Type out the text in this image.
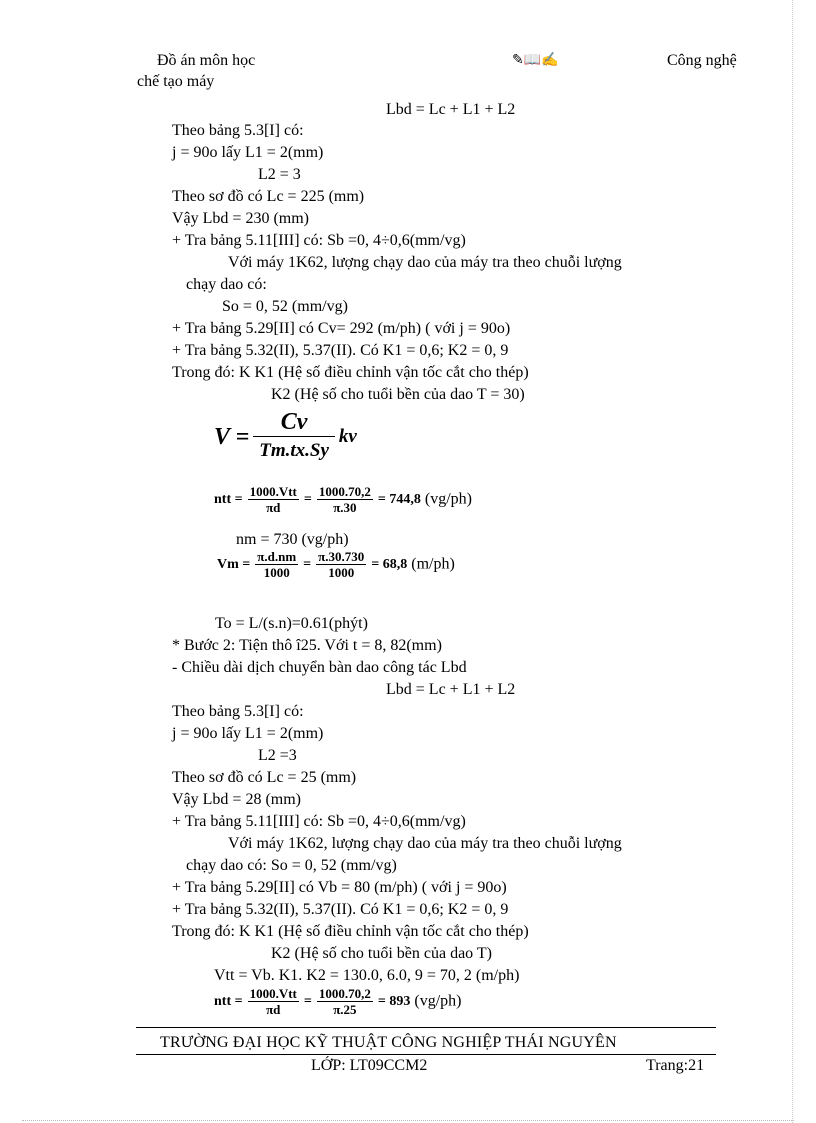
Đồ án môn học	✎📖✍	Công nghệ
chế tạo máy
Lbd = Lc + L1 + L2
Theo bảng 5.3[I] có:
j = 90o lấy L1 = 2(mm)
L2 = 3
Theo sơ đồ có Lc = 225 (mm)
Vậy Lbd = 230 (mm)
+ Tra bảng 5.11[III] có: Sb =0, 4÷0,6(mm/vg)
Với máy 1K62, lượng chạy dao của máy tra theo chuỗi lượng
chạy dao có:
So = 0, 52 (mm/vg)
+ Tra bảng 5.29[II] có Cv= 292 (m/ph) ( với j = 90o)
+ Tra bảng 5.32(II), 5.37(II). Có K1 = 0,6; K2 = 0, 9
Trong đó: K K1 (Hệ số điều chỉnh vận tốc cắt cho thép)
K2 (Hệ số cho tuổi bền của dao T = 30)
V =
Cv
Tm.tx.Sy
kv
ntt = $\frac{\text{1000.Vtt}}{\pi d} = \frac{1000.70,2}{\pi.30} = 744,8$ (vg/ph)
nm = 730 (vg/ph)
$Vm = \frac{\pi.d.nm}{1000} = \frac{\pi.30.730}{1000} = 68,8$ (m/ph)
To = L/(s.n)=0.61(phýt)
* Bước 2: Tiện thô î25. Với t = 8, 82(mm)
- Chiều dài dịch chuyển bàn dao công tác Lbd
Lbd = Lc + L1 + L2
Theo bảng 5.3[I] có:
j = 90o lấy L1 = 2(mm)
L2 =3
Theo sơ đồ có Lc = 25 (mm)
Vậy Lbd = 28 (mm)
+ Tra bảng 5.11[III] có: Sb =0, 4÷0,6(mm/vg)
Với máy 1K62, lượng chạy dao của máy tra theo chuỗi lượng
chạy dao có: So = 0, 52 (mm/vg)
+ Tra bảng 5.29[II] có Vb = 80 (m/ph) ( với j = 90o)
+ Tra bảng 5.32(II), 5.37(II). Có K1 = 0,6; K2 = 0, 9
Trong đó: K K1 (Hệ số điều chỉnh vận tốc cắt cho thép)
K2 (Hệ số cho tuổi bền của dao T)
Vtt = Vb. K1. K2 = 130.0, 6.0, 9 = 70, 2 (m/ph)
ntt = $\frac{\text{1000.Vtt}}{\pi d} = \frac{1000.70,2}{\pi.25} = 893$ (vg/ph)
TRƯỜNG ĐẠI HỌC KỸ THUẬT CÔNG NGHIỆP THÁI NGUYÊN
LỚP: LT09CCM2	Trang:21
